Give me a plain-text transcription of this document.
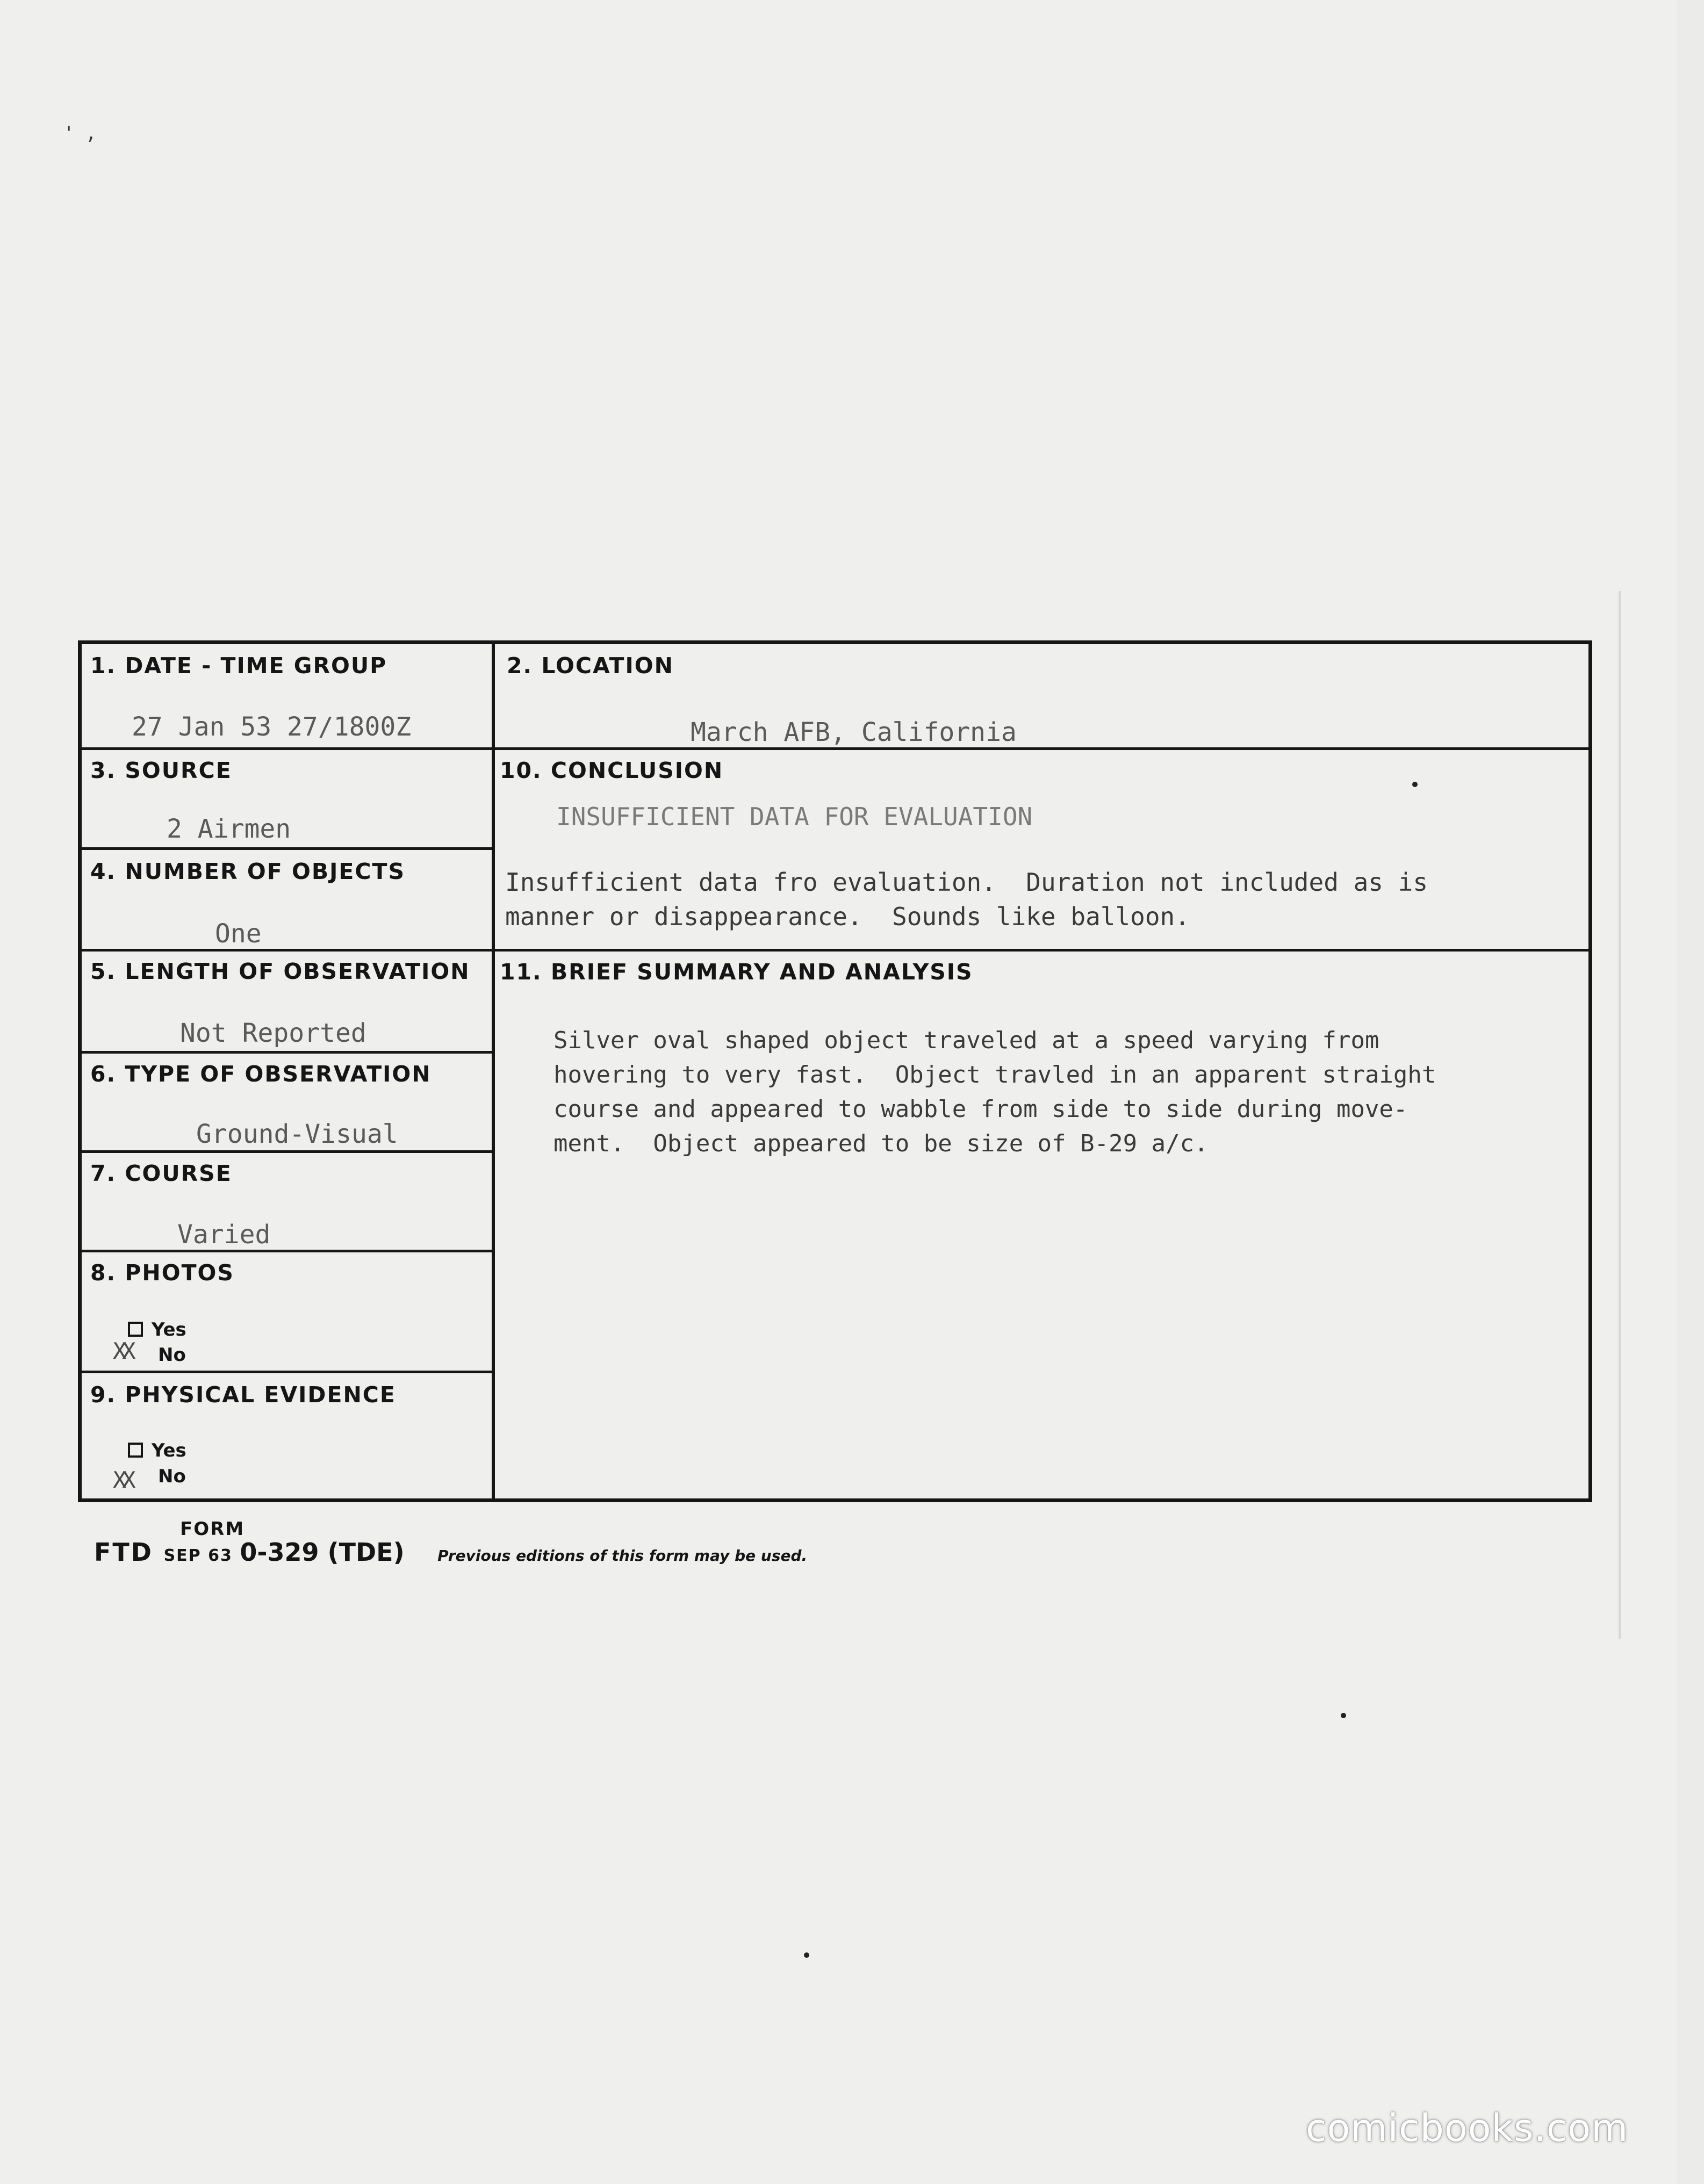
' ,
1. DATE - TIME GROUP
27 Jan 53 27/1800Z
2. LOCATION
March AFB, California
3. SOURCE
2 Airmen
4. NUMBER OF OBJECTS
One
5. LENGTH OF OBSERVATION
Not Reported
6. TYPE OF OBSERVATION
Ground-Visual
7. COURSE
Varied
8. PHOTOS
Yes
XX No
9. PHYSICAL EVIDENCE
Yes
XX No
10. CONCLUSION
INSUFFICIENT DATA FOR EVALUATION
Insufficient data fro evaluation.  Duration not included as is
manner or disappearance.  Sounds like balloon.
11. BRIEF SUMMARY AND ANALYSIS
Silver oval shaped object traveled at a speed varying from
hovering to very fast.  Object travled in an apparent straight
course and appeared to wabble from side to side during move-
ment.  Object appeared to be size of B-29 a/c.
FORM
FTD SEP 63 0-329 (TDE) Previous editions of this form may be used.
comicbooks.com
